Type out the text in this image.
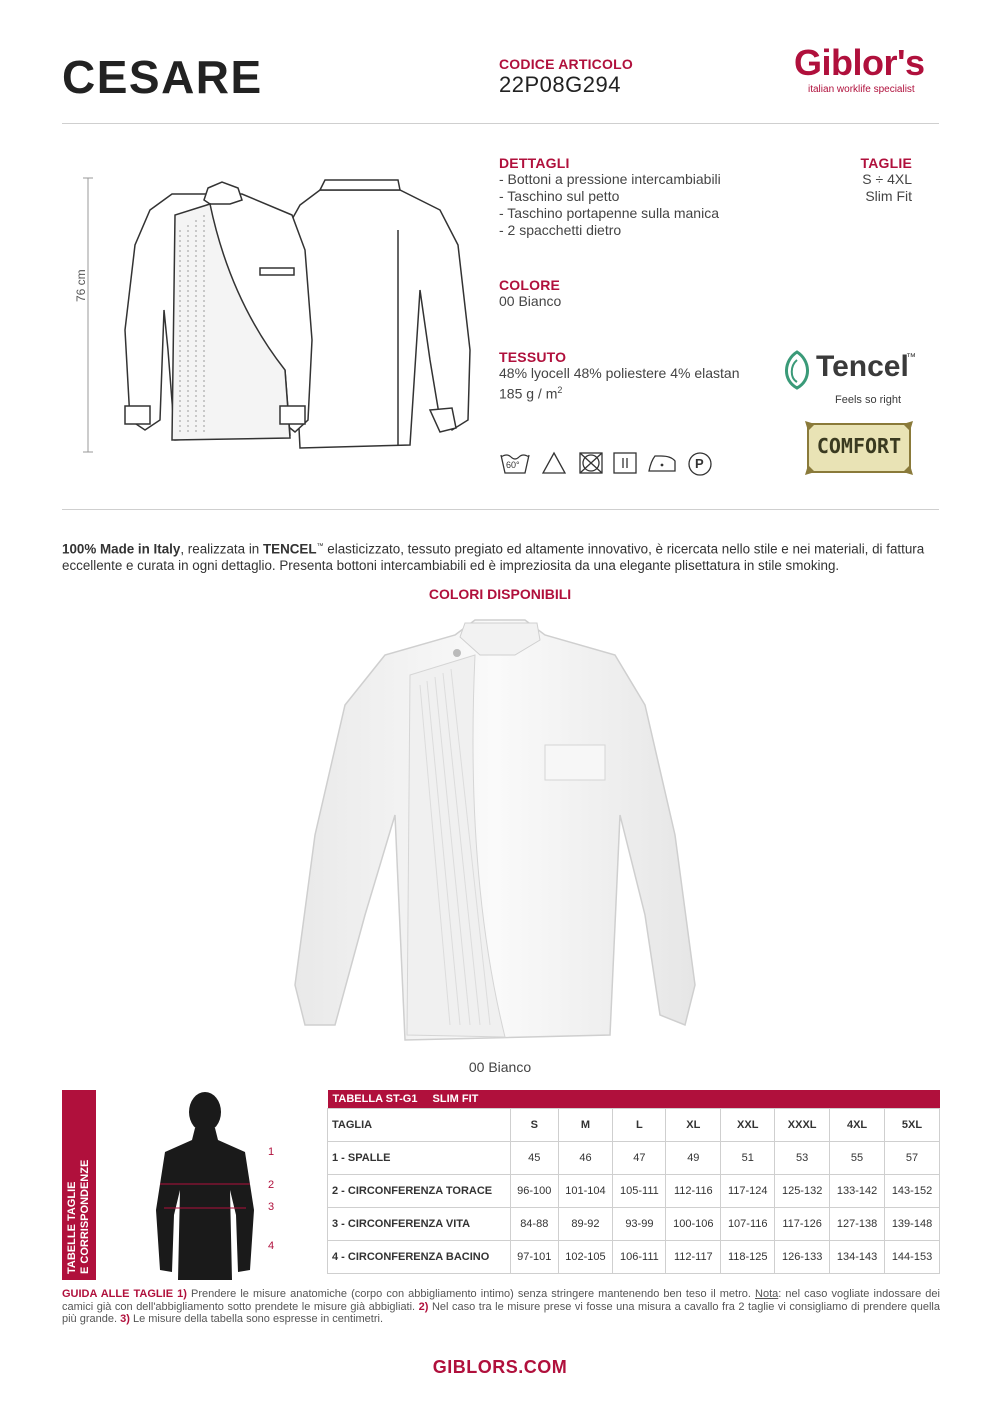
CESARE	CODICE ARTICOLO
22P08G294
Giblor's
italian worklife specialist
76 cm

DETTAGLI

- Bottoni a pressione intercambiabili

- Taschino sul petto

- Taschino portapenne sulla manica

- 2 spacchetti dietro

TAGLIE

S ÷ 4XL

Slim Fit

COLORE

00 Bianco

TESSUTO

48% lyocell 48% poliestere 4% elastan

185 g / $m^2$

Tencel
™
Feels so right
COMFORT
60°	P
100% Made in Italy, realizzata in TENCEL™ elasticizzato, tessuto pregiato ed altamente innovativo, è ricercata nello stile e nei materiali, di fattura eccellente e curata in ogni dettaglio. Presenta bottoni intercambiabili ed è impreziosita da una elegante plisettatura in stile smoking.
COLORI DISPONIBILI
00 Bianco
TABELLE TAGLIE E CORRISPONDENZE
1
2
3
4
TABELLA ST-G1 SLIM FIT								
TAGLIA	S	M	L	XL	XXL	XXXL	4XL	5XL
1 - SPALLE	45	46	47	49	51	53	55	57
2 - CIRCONFERENZA TORACE	96-100	101-104	105-111	112-116	117-124	125-132	133-142	143-152
3 - CIRCONFERENZA VITA	84-88	89-92	93-99	100-106	107-116	117-126	127-138	139-148
4 - CIRCONFERENZA BACINO	97-101	102-105	106-111	112-117	118-125	126-133	134-143	144-153
GUIDA ALLE TAGLIE 1) Prendere le misure anatomiche (corpo con abbigliamento intimo) senza stringere mantenendo ben teso il metro. Nota: nel caso vogliate indossare dei camici già con dell'abbigliamento sotto prendete le misure già abbigliati. 2) Nel caso tra le misure prese vi fosse una misura a cavallo fra 2 taglie vi consigliamo di prendere quella più grande. 3) Le misure della tabella sono espresse in centimetri.
GIBLORS.COM
